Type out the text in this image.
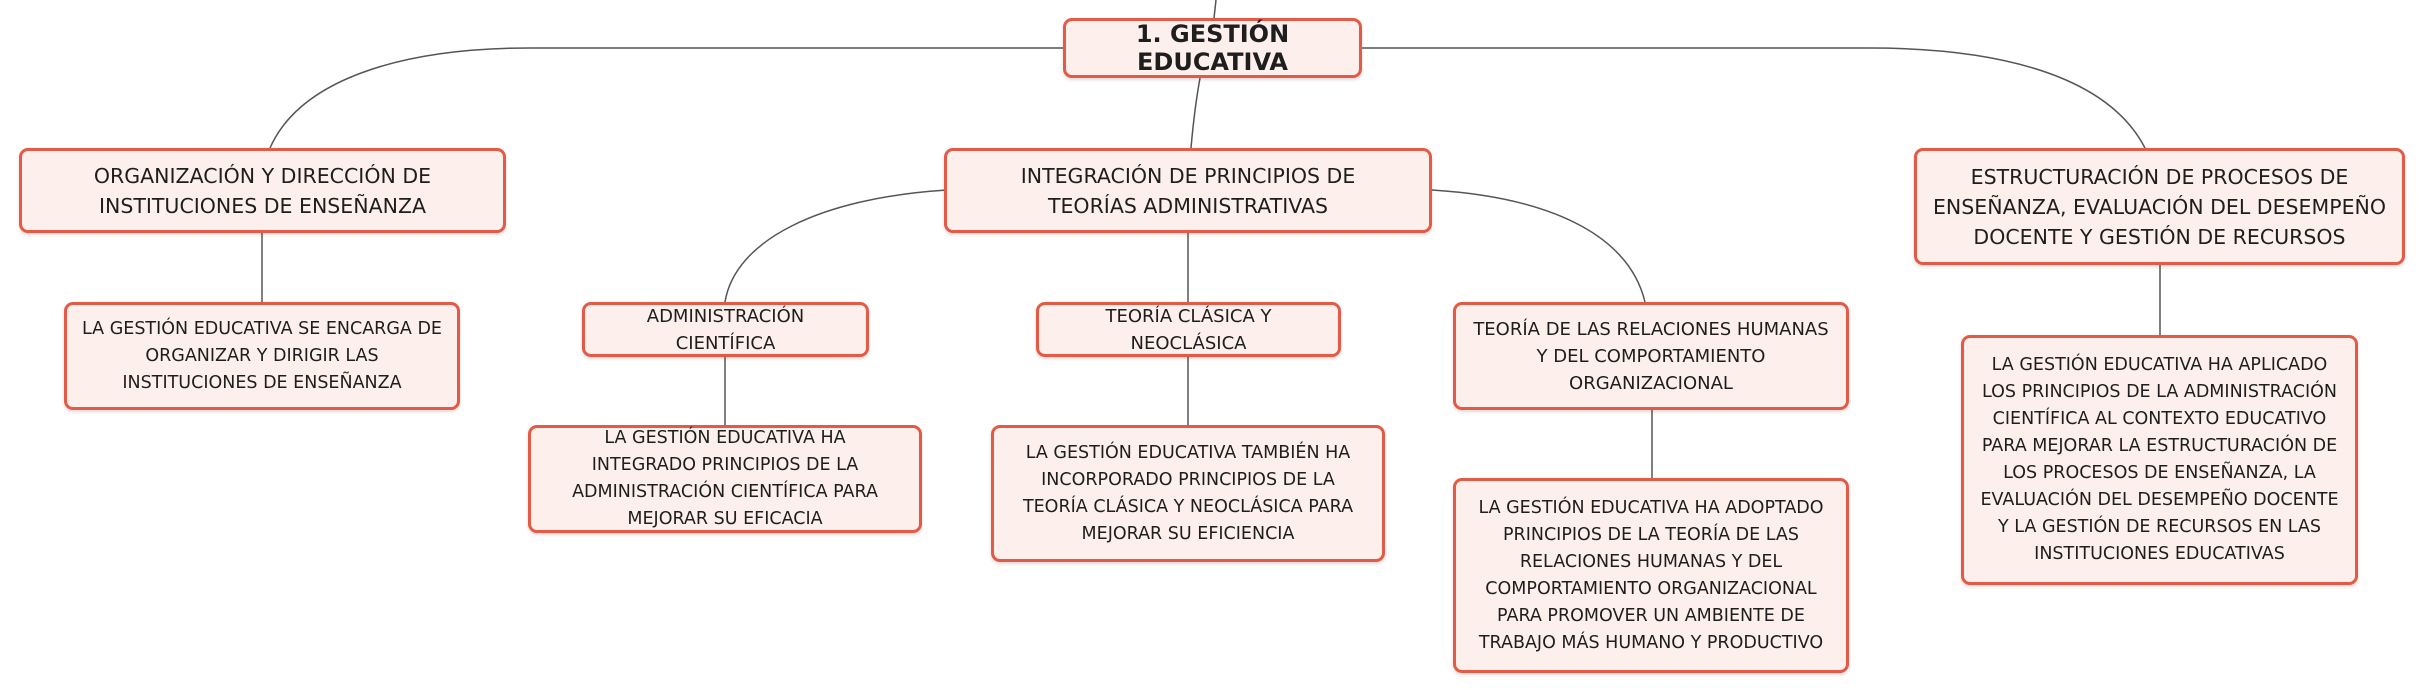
1. GESTIÓN EDUCATIVA
ORGANIZACIÓN Y DIRECCIÓN DE INSTITUCIONES DE ENSEÑANZA
LA GESTIÓN EDUCATIVA SE ENCARGA DE ORGANIZAR Y DIRIGIR LAS INSTITUCIONES DE ENSEÑANZA
INTEGRACIÓN DE PRINCIPIOS DE TEORÍAS ADMINISTRATIVAS
ADMINISTRACIÓN CIENTÍFICA
LA GESTIÓN EDUCATIVA HA INTEGRADO PRINCIPIOS DE LA ADMINISTRACIÓN CIENTÍFICA PARA MEJORAR SU EFICACIA
TEORÍA CLÁSICA Y NEOCLÁSICA
LA GESTIÓN EDUCATIVA TAMBIÉN HA INCORPORADO PRINCIPIOS DE LA TEORÍA CLÁSICA Y NEOCLÁSICA PARA MEJORAR SU EFICIENCIA
TEORÍA DE LAS RELACIONES HUMANAS Y DEL COMPORTAMIENTO ORGANIZACIONAL
LA GESTIÓN EDUCATIVA HA ADOPTADO PRINCIPIOS DE LA TEORÍA DE LAS RELACIONES HUMANAS Y DEL COMPORTAMIENTO ORGANIZACIONAL PARA PROMOVER UN AMBIENTE DE TRABAJO MÁS HUMANO Y PRODUCTIVO
ESTRUCTURACIÓN DE PROCESOS DE ENSEÑANZA, EVALUACIÓN DEL DESEMPEÑO DOCENTE Y GESTIÓN DE RECURSOS
LA GESTIÓN EDUCATIVA HA APLICADO LOS PRINCIPIOS DE LA ADMINISTRACIÓN CIENTÍFICA AL CONTEXTO EDUCATIVO PARA MEJORAR LA ESTRUCTURACIÓN DE LOS PROCESOS DE ENSEÑANZA, LA EVALUACIÓN DEL DESEMPEÑO DOCENTE Y LA GESTIÓN DE RECURSOS EN LAS INSTITUCIONES EDUCATIVAS
